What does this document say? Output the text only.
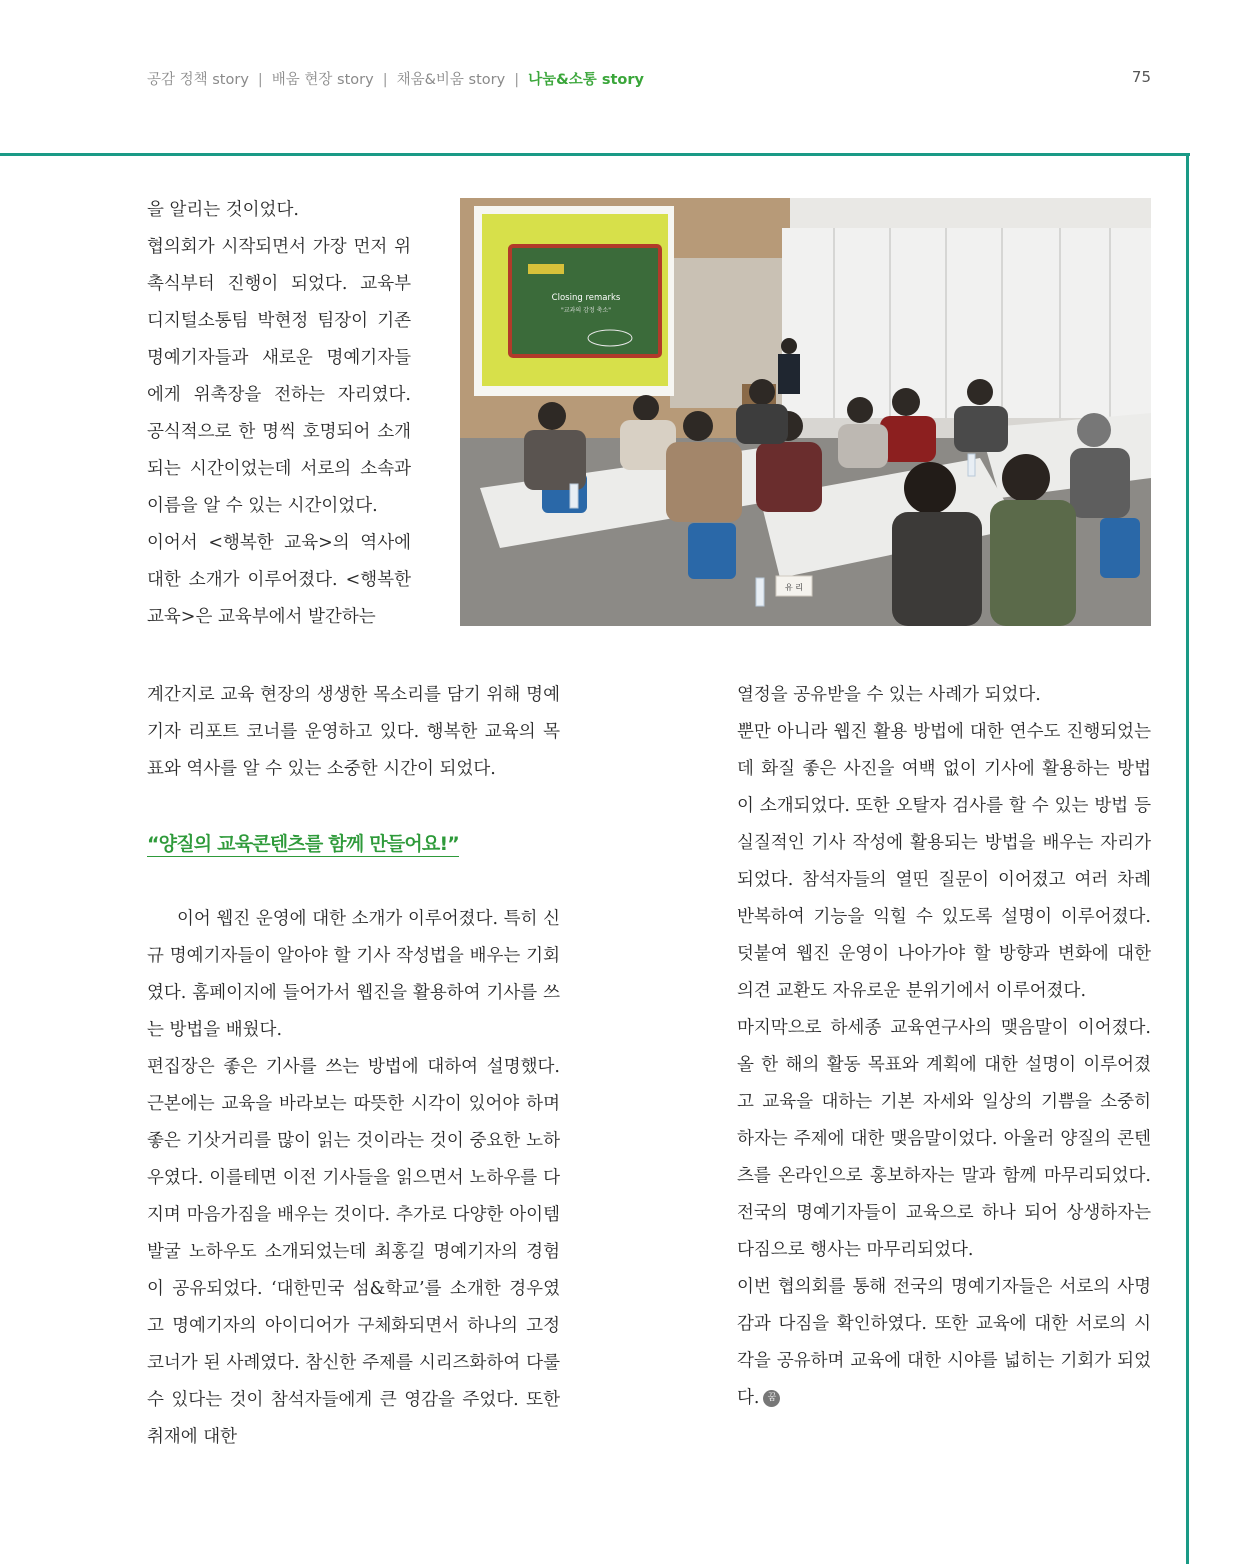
공감 정책 story | 배움 현장 story | 채움&비움 story | 나눔&소통 story	75

을 알리는 것이었다.

협의회가 시작되면서 가장 먼저 위촉식부터 진행이 되었다. 교육부 디지털소통팀 박현정 팀장이 기존 명예기자들과 새로운 명예기자들에게 위촉장을 전하는 자리였다. 공식적으로 한 명씩 호명되어 소개되는 시간이었는데 서로의 소속과 이름을 알 수 있는 시간이었다.

이어서 <행복한 교육>의 역사에 대한 소개가 이루어졌다. <행복한 교육>은 교육부에서 발간하는

Closing remarks
"교과의 감정 축소"
유 리

계간지로 교육 현장의 생생한 목소리를 담기 위해 명예기자 리포트 코너를 운영하고 있다. 행복한 교육의 목표와 역사를 알 수 있는 소중한 시간이 되었다.

“양질의 교육콘텐츠를 함께 만들어요!”

이어 웹진 운영에 대한 소개가 이루어졌다. 특히 신규 명예기자들이 알아야 할 기사 작성법을 배우는 기회였다. 홈페이지에 들어가서 웹진을 활용하여 기사를 쓰는 방법을 배웠다.

편집장은 좋은 기사를 쓰는 방법에 대하여 설명했다. 근본에는 교육을 바라보는 따뜻한 시각이 있어야 하며 좋은 기삿거리를 많이 읽는 것이라는 것이 중요한 노하우였다. 이를테면 이전 기사들을 읽으면서 노하우를 다지며 마음가짐을 배우는 것이다. 추가로 다양한 아이템 발굴 노하우도 소개되었는데 최홍길 명예기자의 경험이 공유되었다. ‘대한민국 섬&학교’를 소개한 경우였고 명예기자의 아이디어가 구체화되면서 하나의 고정 코너가 된 사례였다. 참신한 주제를 시리즈화하여 다룰 수 있다는 것이 참석자들에게 큰 영감을 주었다. 또한 취재에 대한

열정을 공유받을 수 있는 사례가 되었다.

뿐만 아니라 웹진 활용 방법에 대한 연수도 진행되었는데 화질 좋은 사진을 여백 없이 기사에 활용하는 방법이 소개되었다. 또한 오탈자 검사를 할 수 있는 방법 등 실질적인 기사 작성에 활용되는 방법을 배우는 자리가 되었다. 참석자들의 열띤 질문이 이어졌고 여러 차례 반복하여 기능을 익힐 수 있도록 설명이 이루어졌다. 덧붙여 웹진 운영이 나아가야 할 방향과 변화에 대한 의견 교환도 자유로운 분위기에서 이루어졌다.

마지막으로 하세종 교육연구사의 맺음말이 이어졌다. 올 한 해의 활동 목표와 계획에 대한 설명이 이루어졌고 교육을 대하는 기본 자세와 일상의 기쁨을 소중히 하자는 주제에 대한 맺음말이었다. 아울러 양질의 콘텐츠를 온라인으로 홍보하자는 말과 함께 마무리되었다. 전국의 명예기자들이 교육으로 하나 되어 상생하자는 다짐으로 행사는 마무리되었다.

이번 협의회를 통해 전국의 명예기자들은 서로의 사명감과 다짐을 확인하였다. 또한 교육에 대한 서로의 시각을 공유하며 교육에 대한 시야를 넓히는 기회가 되었다. 꿈
